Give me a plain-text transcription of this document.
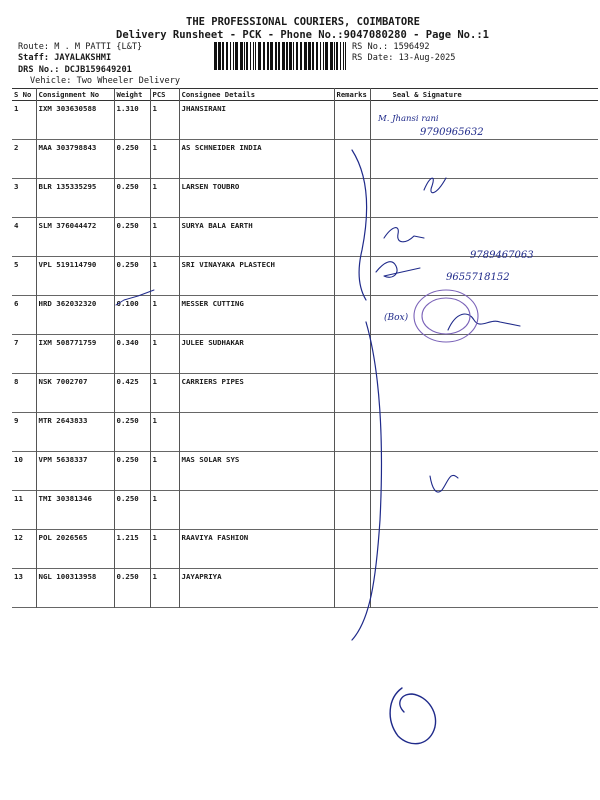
THE PROFESSIONAL COURIERS, COIMBATORE
Delivery Runsheet - PCK - Phone No.:9047080280 - Page No.:1
Route: M . M PATTI {L&T}
Staff: JAYALAKSHMI
DRS No.: DCJB159649201
Vehicle: Two Wheeler Delivery
RS No.: 1596492
RS Date: 13-Aug-2025
S No	Consignment No	Weight	PCS	Consignee Details	Remarks	Seal & Signature
1	IXM 303630588	1.310	1	JHANSIRANI		
2	MAA 303798843	0.250	1	AS SCHNEIDER INDIA		
3	BLR 135335295	0.250	1	LARSEN TOUBRO		
4	SLM 376044472	0.250	1	SURYA BALA EARTH		
5	VPL 519114790	0.250	1	SRI VINAYAKA PLASTECH		
6	HRD 362032320	0.100	1	MESSER CUTTING		
7	IXM 508771759	0.340	1	JULEE SUDHAKAR		
8	NSK 7002707	0.425	1	CARRIERS PIPES		
9	MTR 2643833	0.250	1			
10	VPM 5638337	0.250	1	MAS SOLAR SYS		
11	TMI 30381346	0.250	1			
12	POL 2026565	1.215	1	RAAVIYA FASHION		
13	NGL 100313958	0.250	1	JAYAPRIYA		
M. Jhansi rani
9790965632
9789467063
9655718152
(Box)
